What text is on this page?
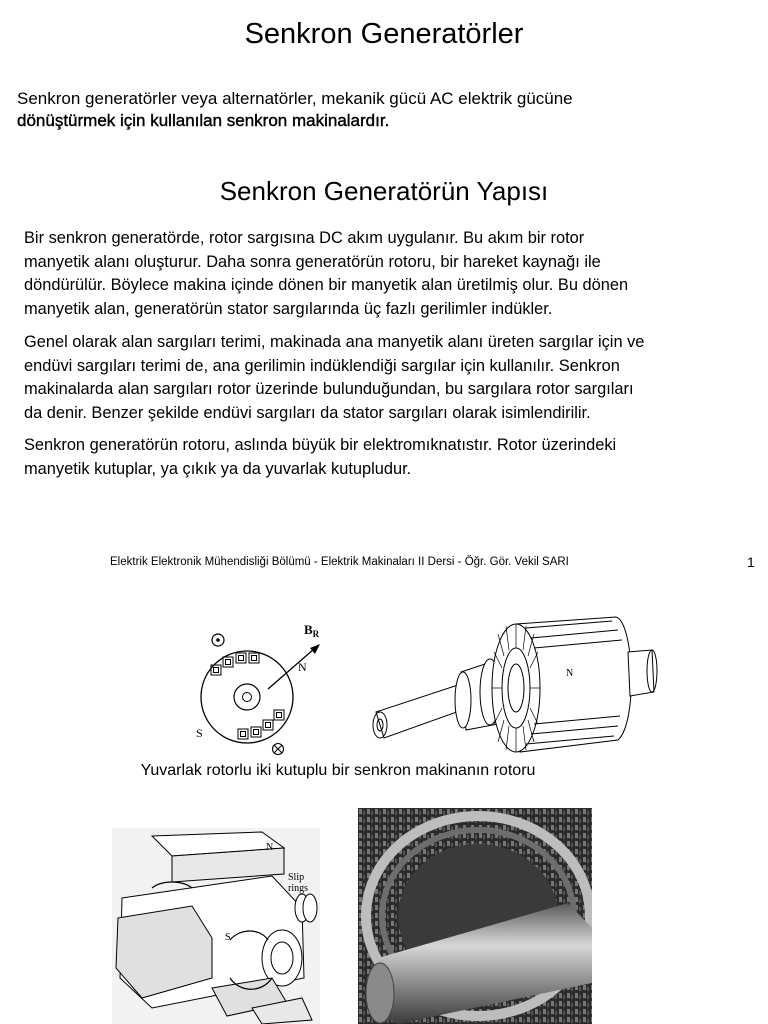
Senkron Generatörler
Senkron generatörler veya alternatörler, mekanik gücü AC elektrik gücüne
dönüştürmek için kullanılan senkron makinalardır.
Senkron Generatörün Yapısı
Bir senkron generatörde, rotor sargısına DC akım uygulanır. Bu akım bir rotor
manyetik alanı oluşturur. Daha sonra generatörün rotoru, bir hareket kaynağı ile
döndürülür. Böylece makina içinde dönen bir manyetik alan üretilmiş olur. Bu dönen
manyetik alan, generatörün stator sargılarında üç fazlı gerilimler indükler.
Genel olarak alan sargıları terimi, makinada ana manyetik alanı üreten sargılar için ve
endüvi sargıları terimi de, ana gerilimin indüklendiği sargılar için kullanılır. Senkron
makinalarda alan sargıları rotor üzerinde bulunduğundan, bu sargılara rotor sargıları
da denir. Benzer şekilde endüvi sargıları da stator sargıları olarak isimlendirilir.
Senkron generatörün rotoru, aslında büyük bir elektromıknatıstır. Rotor üzerindeki
manyetik kutuplar, ya çıkık ya da yuvarlak kutupludur.
Elektrik Elektronik Mühendisliği Bölümü - Elektrik Makinaları II Dersi - Öğr. Gör. Vekil SARI	1
$B_R$
N
S
N
Yuvarlak rotorlu iki kutuplu bir senkron makinanın rotoru
N
S
Slip
rings
